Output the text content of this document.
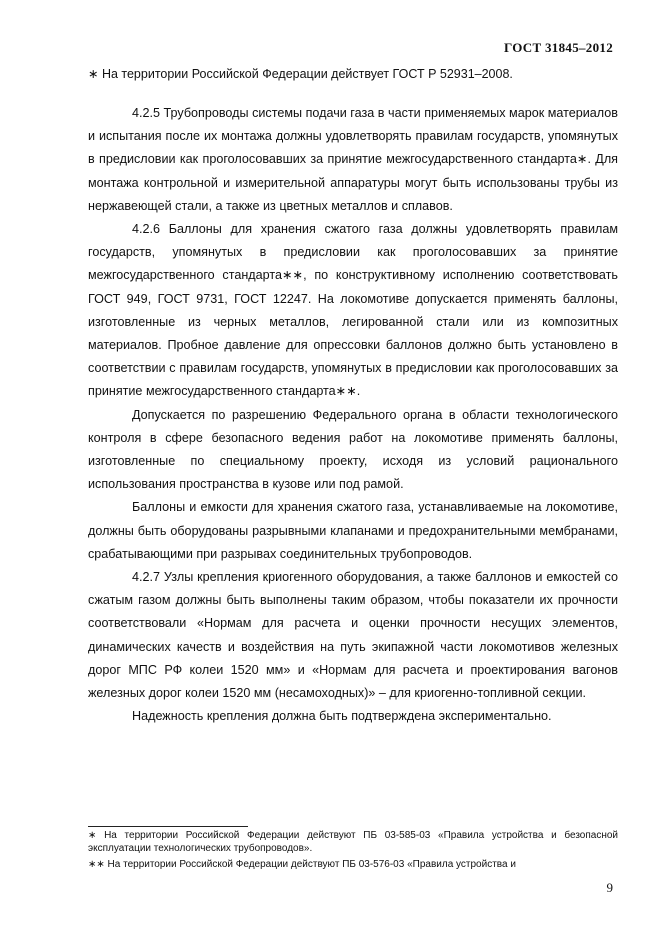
ГОСТ 31845–2012
∗ На территории Российской Федерации действует ГОСТ Р 52931–2008.

4.2.5 Трубопроводы системы подачи газа в части применяемых марок материалов и испытания после их монтажа должны удовлетворять правилам государств, упомянутых в предисловии как проголосовавших за принятие межгосударственного стандарта∗. Для монтажа контрольной и измерительной аппаратуры могут быть использованы трубы из нержавеющей стали, а также из цветных металлов и сплавов.

4.2.6 Баллоны для хранения сжатого газа должны удовлетворять правилам государств, упомянутых в предисловии как проголосовавших за принятие межгосударственного стандарта∗∗, по конструктивному исполнению соответствовать ГОСТ 949, ГОСТ 9731, ГОСТ 12247. На локомотиве допускается применять баллоны, изготовленные из черных металлов, легированной стали или из композитных материалов. Пробное давление для опрессовки баллонов должно быть установлено в соответствии с правилам государств, упомянутых в предисловии как проголосовавших за принятие межгосударственного стандарта∗∗.

Допускается по разрешению Федерального органа в области технологического контроля в сфере безопасного ведения работ на локомотиве применять баллоны, изготовленные по специальному проекту, исходя из условий рационального использования пространства в кузове или под рамой.

Баллоны и емкости для хранения сжатого газа, устанавливаемые на локомотиве, должны быть оборудованы разрывными клапанами и предохранительными мембранами, срабатывающими при разрывах соединительных трубопроводов.

4.2.7 Узлы крепления криогенного оборудования, а также баллонов и емкостей со сжатым газом должны быть выполнены таким образом, чтобы показатели их прочности соответствовали «Нормам для расчета и оценки прочности несущих элементов, динамических качеств и воздействия на путь экипажной части локомотивов железных дорог МПС РФ колеи 1520 мм» и «Нормам для расчета и проектирования вагонов железных дорог колеи 1520 мм (несамоходных)» – для криогенно-топливной секции.

Надежность крепления должна быть подтверждена экспериментально.

∗ На территории Российской Федерации действуют ПБ 03-585-03 «Правила устройства и безопасной эксплуатации технологических трубопроводов».

∗∗ На территории Российской Федерации действуют ПБ 03-576-03 «Правила устройства и

9
